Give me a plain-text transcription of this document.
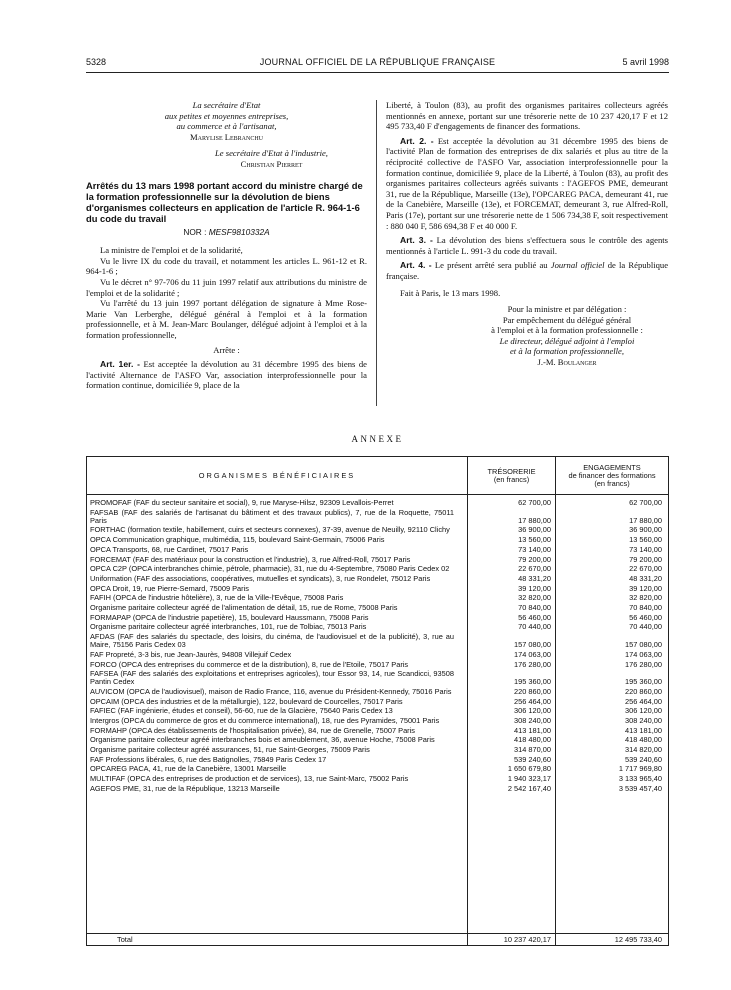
5328	JOURNAL OFFICIEL DE LA RÉPUBLIQUE FRANÇAISE	5 avril 1998
La secrétaire d'Etat
aux petites et moyennes entreprises,
au commerce et à l'artisanat,
Marylise Lebranchu
Le secrétaire d'Etat à l'industrie,
Christian Pierret
Arrêtés du 13 mars 1998 portant accord du ministre chargé de la formation professionnelle sur la dévolution de biens d'organismes collecteurs en application de l'article R. 964-1-6 du code du travail
NOR : MESF9810332A

La ministre de l'emploi et de la solidarité,

Vu le livre IX du code du travail, et notamment les articles L. 961-12 et R. 964-1-6 ;

Vu le décret n° 97-706 du 11 juin 1997 relatif aux attributions du ministre de l'emploi et de la solidarité ;

Vu l'arrêté du 13 juin 1997 portant délégation de signature à Mme Rose-Marie Van Lerberghe, délégué général à l'emploi et à la formation professionnelle, et à M. Jean-Marc Boulanger, délégué adjoint à l'emploi et à la formation professionnelle,

Arrête :

Art. 1er. - Est acceptée la dévolution au 31 décembre 1995 des biens de l'activité Alternance de l'ASFO Var, association interprofessionnelle pour la formation continue, domiciliée 9, place de la

Liberté, à Toulon (83), au profit des organismes paritaires collecteurs agréés mentionnés en annexe, portant sur une trésorerie nette de 10 237 420,17 F et 12 495 733,40 F d'engagements de financer des formations.

Art. 2. - Est acceptée la dévolution au 31 décembre 1995 des biens de l'activité Plan de formation des entreprises de dix salariés et plus au titre de la réciprocité collective de l'ASFO Var, association interprofessionnelle pour la formation continue, domiciliée 9, place de la Liberté, à Toulon (83), au profit des organismes paritaires collecteurs agréés suivants : l'AGEFOS PME, demeurant 31, rue de la République, Marseille (13e), l'OPCAREG PACA, demeurant 41, rue de la Canebière, Marseille (13e), et FORCEMAT, demeurant 3, rue Alfred-Roll, Paris (17e), portant sur une trésorerie nette de 1 506 734,38 F, soit respectivement : 880 040 F, 586 694,38 F et 40 000 F.

Art. 3. - La dévolution des biens s'effectuera sous le contrôle des agents mentionnés à l'article L. 991-3 du code du travail.

Art. 4. - Le présent arrêté sera publié au Journal officiel de la République française.

Fait à Paris, le 13 mars 1998.

Pour la ministre et par délégation :

Par empêchement du délégué général

à l'emploi et à la formation professionnelle :

Le directeur, délégué adjoint à l'emploi

et à la formation professionnelle,

J.-M. Boulanger

ANNEXE
ORGANISMES BÉNÉFICIAIRES	TRÉSORERIE
(en francs)
ENGAGEMENTS
de financer des formations
(en francs)
PROMOFAF (FAF du secteur sanitaire et social), 9, rue Maryse-Hilsz, 92309 Levallois-Perret	62 700,00	62 700,00
FAFSAB (FAF des salariés de l'artisanat du bâtiment et des travaux publics), 7, rue de la Roquette, 75011 Paris	17 880,00	17 880,00
FORTHAC (formation textile, habillement, cuirs et secteurs connexes), 37-39, avenue de Neuilly, 92110 Clichy	36 900,00	36 900,00
OPCA Communication graphique, multimédia, 115, boulevard Saint-Germain, 75006 Paris	13 560,00	13 560,00
OPCA Transports, 68, rue Cardinet, 75017 Paris	73 140,00	73 140,00
FORCEMAT (FAF des matériaux pour la construction et l'industrie), 3, rue Alfred-Roll, 75017 Paris	79 200,00	79 200,00
OPCA C2P (OPCA interbranches chimie, pétrole, pharmacie), 31, rue du 4-Septembre, 75080 Paris Cedex 02	22 670,00	22 670,00
Uniformation (FAF des associations, coopératives, mutuelles et syndicats), 3, rue Rondelet, 75012 Paris	48 331,20	48 331,20
OPCA Droit, 19, rue Pierre-Semard, 75009 Paris	39 120,00	39 120,00
FAFIH (OPCA de l'industrie hôtelière), 3, rue de la Ville-l'Evêque, 75008 Paris	32 820,00	32 820,00
Organisme paritaire collecteur agréé de l'alimentation de détail, 15, rue de Rome, 75008 Paris	70 840,00	70 840,00
FORMAPAP (OPCA de l'industrie papetière), 15, boulevard Haussmann, 75008 Paris	56 460,00	56 460,00
Organisme paritaire collecteur agréé interbranches, 101, rue de Tolbiac, 75013 Paris	70 440,00	70 440,00
AFDAS (FAF des salariés du spectacle, des loisirs, du cinéma, de l'audiovisuel et de la publicité), 3, rue au Maire, 75156 Paris Cedex 03	157 080,00	157 080,00
FAF Propreté, 3-3 bis, rue Jean-Jaurès, 94808 Villejuif Cedex	174 063,00	174 063,00
FORCO (OPCA des entreprises du commerce et de la distribution), 8, rue de l'Etoile, 75017 Paris	176 280,00	176 280,00
FAFSEA (FAF des salariés des exploitations et entreprises agricoles), tour Essor 93, 14, rue Scandicci, 93508 Pantin Cedex	195 360,00	195 360,00
AUVICOM (OPCA de l'audiovisuel), maison de Radio France, 116, avenue du Président-Kennedy, 75016 Paris	220 860,00	220 860,00
OPCAIM (OPCA des industries et de la métallurgie), 122, boulevard de Courcelles, 75017 Paris	256 464,00	256 464,00
FAFIEC (FAF ingénierie, études et conseil), 56-60, rue de la Glacière, 75640 Paris Cedex 13	306 120,00	306 120,00
Intergros (OPCA du commerce de gros et du commerce international), 18, rue des Pyramides, 75001 Paris	308 240,00	308 240,00
FORMAHP (OPCA des établissements de l'hospitalisation privée), 84, rue de Grenelle, 75007 Paris	413 181,00	413 181,00
Organisme paritaire collecteur agréé interbranches bois et ameublement, 36, avenue Hoche, 75008 Paris	418 480,00	418 480,00
Organisme paritaire collecteur agréé assurances, 51, rue Saint-Georges, 75009 Paris	314 870,00	314 820,00
FAF Professions libérales, 6, rue des Batignolles, 75849 Paris Cedex 17	539 240,60	539 240,60
OPCAREG PACA, 41, rue de la Canebière, 13001 Marseille	1 650 679,80	1 717 969,80
MULTIFAF (OPCA des entreprises de production et de services), 13, rue Saint-Marc, 75002 Paris	1 940 323,17	3 133 965,40
AGEFOS PME, 31, rue de la République, 13213 Marseille	2 542 167,40	3 539 457,40
Total	10 237 420,17	12 495 733,40
